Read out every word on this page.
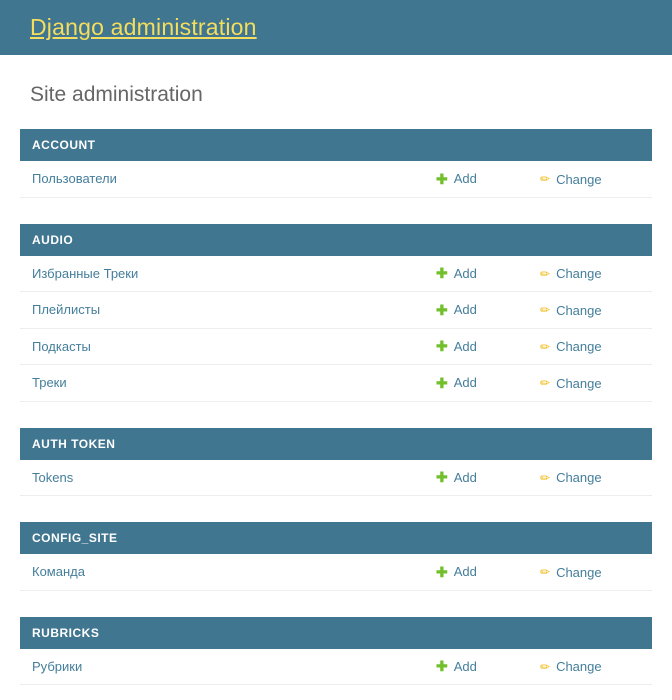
Django administration
Site administration
ACCOUNT
Пользователи	✚ Add	✏ Change
AUDIO
Избранные Треки	✚ Add	✏ Change

Плейлисты	✚ Add	✏ Change

Подкасты	✚ Add	✏ Change

Треки	✚ Add	✏ Change
AUTH TOKEN
Tokens	✚ Add	✏ Change
CONFIG_SITE
Команда	✚ Add	✏ Change
RUBRICKS
Рубрики	✚ Add	✏ Change
